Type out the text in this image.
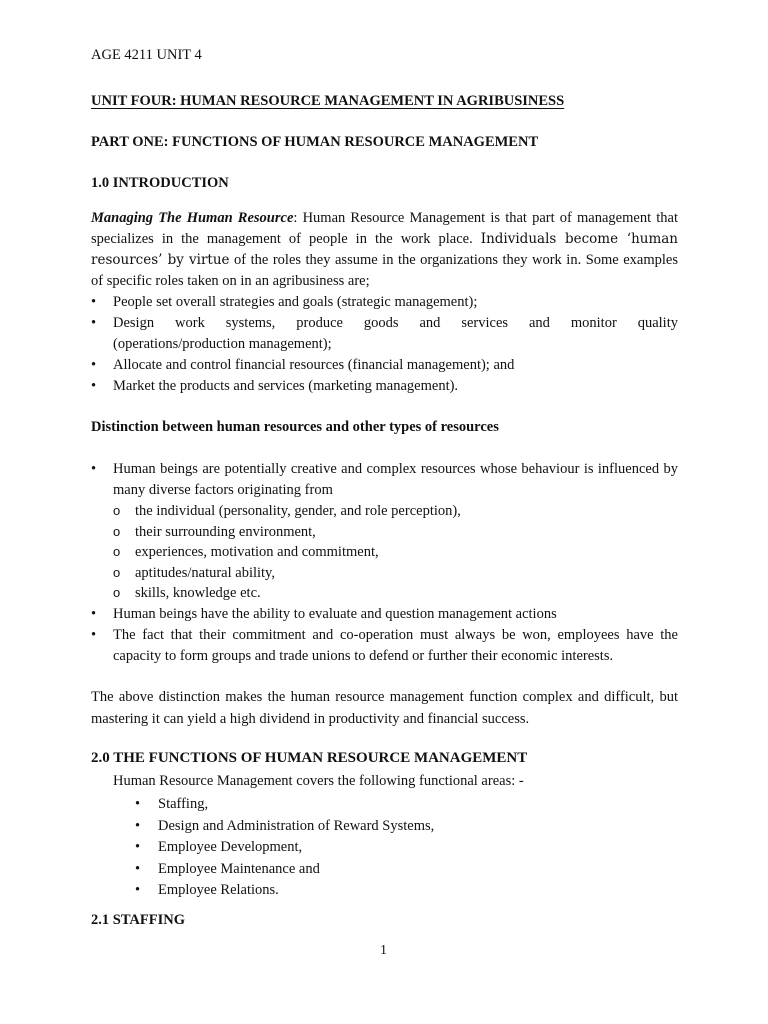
AGE 4211 UNIT 4
UNIT FOUR: HUMAN RESOURCE MANAGEMENT IN AGRIBUSINESS
PART ONE: FUNCTIONS OF HUMAN RESOURCE MANAGEMENT
1.0 INTRODUCTION
Managing The Human Resource: Human Resource Management is that part of management that specializes in the management of people in the work place. Individuals become ‘human resources’ by virtue of the roles they assume in the organizations they work in. Some examples of specific roles taken on in an agribusiness are;
•	People set overall strategies and goals (strategic management);
•	Design work systems, produce goods and services and monitor quality
(operations/production management);
•	Allocate and control financial resources (financial management); and
•	Market the products and services (marketing management).
Distinction between human resources and other types of resources
•	Human beings are potentially creative and complex resources whose behaviour is influenced by many diverse factors originating from
o the individual (personality, gender, and role perception),
o their surrounding environment,
o experiences, motivation and commitment,
o aptitudes/natural ability,
o skills, knowledge etc.
•	Human beings have the ability to evaluate and question management actions
•	The fact that their commitment and co-operation must always be won, employees have the capacity to form groups and trade unions to defend or further their economic interests.
The above distinction makes the human resource management function complex and difficult, but mastering it can yield a high dividend in productivity and financial success.
2.0 THE FUNCTIONS OF HUMAN RESOURCE MANAGEMENT
Human Resource Management covers the following functional areas: -
• Staffing,
• Design and Administration of Reward Systems,
• Employee Development,
• Employee Maintenance and
• Employee Relations.
2.1 STAFFING
1
